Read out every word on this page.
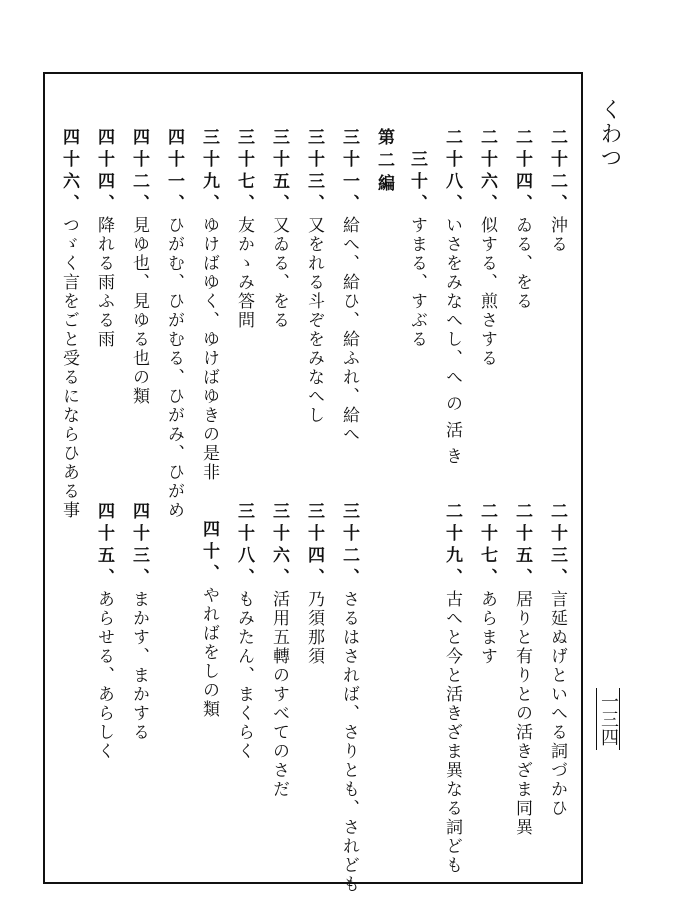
くわつ
一三四
二十二、沖る
二十四、ゐる、をる
二十六、似する、煎さする
二十八、いさをみなへし、へ の 活 き
三十、すまる、すぶる
第二編
三十一、給へ、給ひ、給ふれ、給へ
三十三、又をれる斗ぞをみなへし
三十五、又ゐる、をる
三十七、友かゝみ答問
三十九、ゆけばゆく、ゆけばゆきの是非
四十一、ひがむ、ひがむる、ひがみ、ひがめ
四十二、見ゆ也、見ゆる也の類
四十四、降れる雨ふる雨
四十六、つゞく言をごと受るにならひある事
二十三、言延ぬげといへる詞づかひ
二十五、居りと有りとの活きざま同異
二十七、あらます
二十九、古へと今と活きざま異なる詞ども
三十二、さるはされば、さりとも、されども
三十四、乃須那須
三十六、活用五轉のすべてのさだ
三十八、もみたん、まくらく
四十、やればをしの類
四十三、まかす、まかする
四十五、あらせる、あらしく
